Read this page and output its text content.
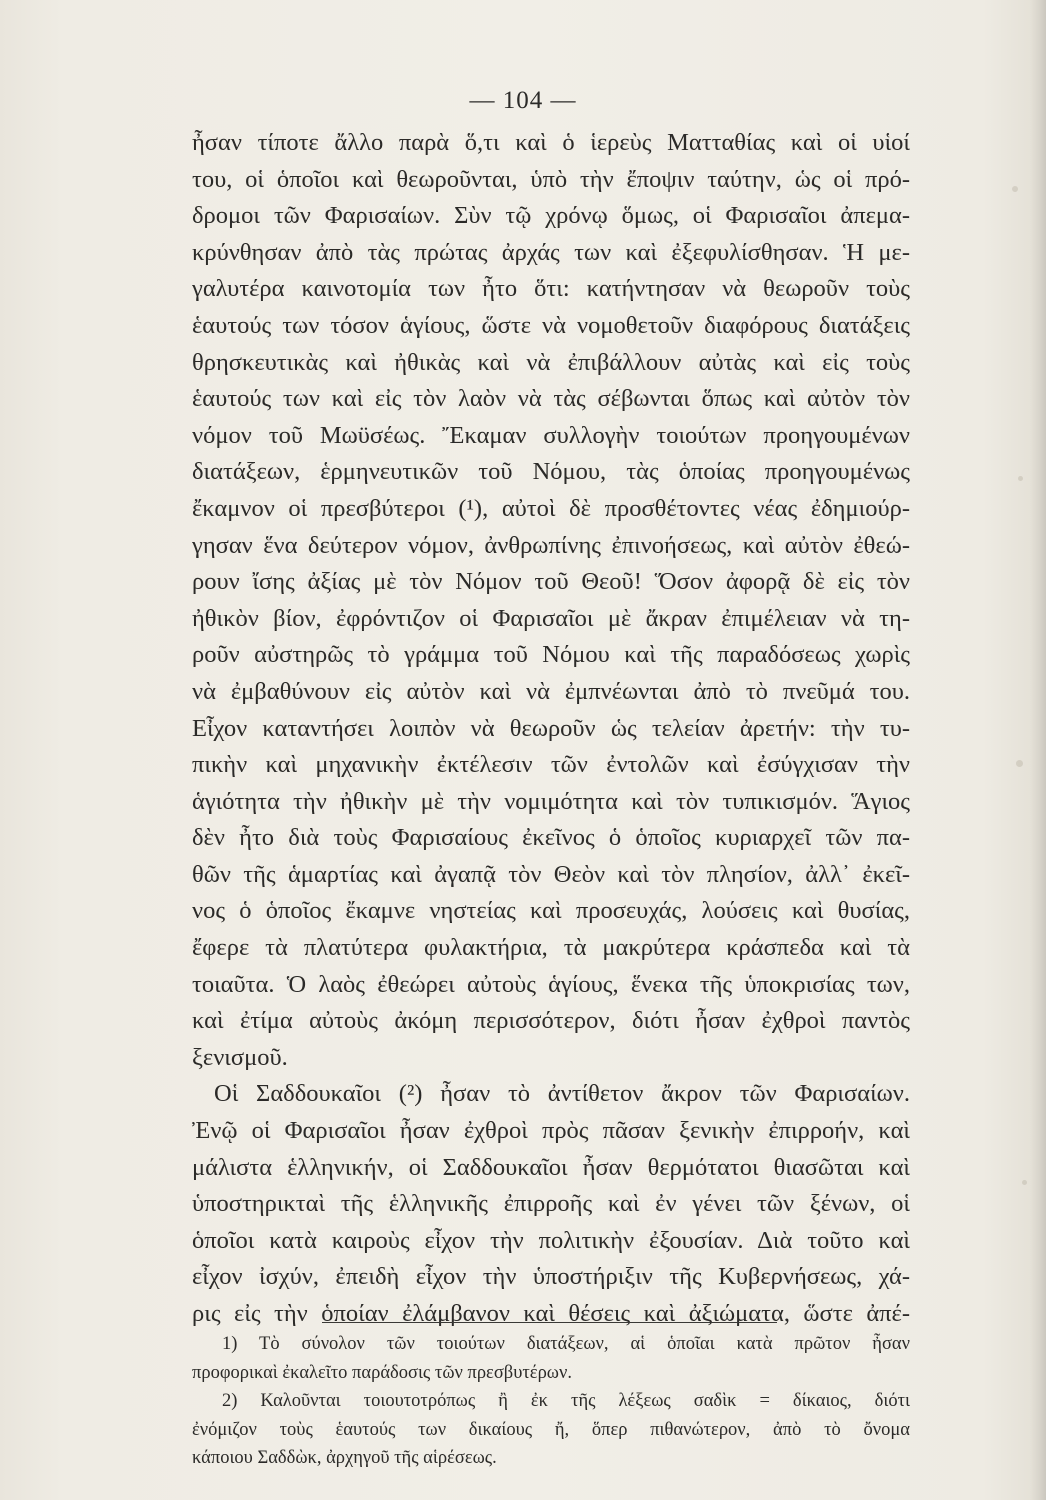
— 104 —
ἦσαν τίποτε ἄλλο παρὰ ὅ,τι καὶ ὁ ἱερεὺς Ματταθίας καὶ οἱ υἱοί
του, οἱ ὁποῖοι καὶ θεωροῦνται, ὑπὸ τὴν ἔποψιν ταύτην, ὡς οἱ πρό-
δρομοι τῶν Φαρισαίων. Σὺν τῷ χρόνῳ ὅμως, οἱ Φαρισαῖοι ἀπεμα-
κρύνθησαν ἀπὸ τὰς πρώτας ἀρχάς των καὶ ἐξεφυλίσθησαν. Ἡ με-
γαλυτέρα καινοτομία των ἦτο ὅτι: κατήντησαν νὰ θεωροῦν τοὺς
ἑαυτούς των τόσον ἁγίους, ὥστε νὰ νομοθετοῦν διαφόρους διατάξεις
θρησκευτικὰς καὶ ἠθικὰς καὶ νὰ ἐπιβάλλουν αὐτὰς καὶ εἰς τοὺς
ἑαυτούς των καὶ εἰς τὸν λαὸν νὰ τὰς σέβωνται ὅπως καὶ αὐτὸν τὸν
νόμον τοῦ Μωϋσέως. Ἔκαμαν συλλογὴν τοιούτων προηγουμένων
διατάξεων, ἑρμηνευτικῶν τοῦ Νόμου, τὰς ὁποίας προηγουμένως
ἔκαμνον οἱ πρεσβύτεροι (¹), αὐτοὶ δὲ προσθέτοντες νέας ἐδημιούρ-
γησαν ἕνα δεύτερον νόμον, ἀνθρωπίνης ἐπινοήσεως, καὶ αὐτὸν ἐθεώ-
ρουν ἴσης ἀξίας μὲ τὸν Νόμον τοῦ Θεοῦ! Ὅσον ἀφορᾷ δὲ εἰς τὸν
ἠθικὸν βίον, ἐφρόντιζον οἱ Φαρισαῖοι μὲ ἄκραν ἐπιμέλειαν νὰ τη-
ροῦν αὐστηρῶς τὸ γράμμα τοῦ Νόμου καὶ τῆς παραδόσεως χωρὶς
νὰ ἐμβαθύνουν εἰς αὐτὸν καὶ νὰ ἐμπνέωνται ἀπὸ τὸ πνεῦμά του.
Εἶχον καταντήσει λοιπὸν νὰ θεωροῦν ὡς τελείαν ἀρετήν: τὴν τυ-
πικὴν καὶ μηχανικὴν ἐκτέλεσιν τῶν ἐντολῶν καὶ ἐσύγχισαν τὴν
ἁγιότητα τὴν ἠθικὴν μὲ τὴν νομιμότητα καὶ τὸν τυπικισμόν. Ἅγιος
δὲν ἦτο διὰ τοὺς Φαρισαίους ἐκεῖνος ὁ ὁποῖος κυριαρχεῖ τῶν πα-
θῶν τῆς ἁμαρτίας καὶ ἀγαπᾷ τὸν Θεὸν καὶ τὸν πλησίον, ἀλλ᾽ ἐκεῖ-
νος ὁ ὁποῖος ἔκαμνε νηστείας καὶ προσευχάς, λούσεις καὶ θυσίας,
ἔφερε τὰ πλατύτερα φυλακτήρια, τὰ μακρύτερα κράσπεδα καὶ τὰ
τοιαῦτα. Ὁ λαὸς ἐθεώρει αὐτοὺς ἁγίους, ἕνεκα τῆς ὑποκρισίας των,
καὶ ἐτίμα αὐτοὺς ἀκόμη περισσότερον, διότι ἦσαν ἐχθροὶ παντὸς
ξενισμοῦ.
Οἱ Σαδδουκαῖοι (²) ἦσαν τὸ ἀντίθετον ἄκρον τῶν Φαρισαίων.
Ἐνῷ οἱ Φαρισαῖοι ἦσαν ἐχθροὶ πρὸς πᾶσαν ξενικὴν ἐπιρροήν, καὶ
μάλιστα ἑλληνικήν, οἱ Σαδδουκαῖοι ἦσαν θερμότατοι θιασῶται καὶ
ὑποστηρικταὶ τῆς ἑλληνικῆς ἐπιρροῆς καὶ ἐν γένει τῶν ξένων, οἱ
ὁποῖοι κατὰ καιροὺς εἶχον τὴν πολιτικὴν ἐξουσίαν. Διὰ τοῦτο καὶ
εἶχον ἰσχύν, ἐπειδὴ εἶχον τὴν ὑποστήριξιν τῆς Κυβερνήσεως, χά-
ρις εἰς τὴν ὁποίαν ἐλάμβανον καὶ θέσεις καὶ ἀξιώματα, ὥστε ἀπέ-
1) Τὸ σύνολον τῶν τοιούτων διατάξεων, αἱ ὁποῖαι κατὰ πρῶτον ἦσαν
προφορικαὶ ἐκαλεῖτο παράδοσις τῶν πρεσβυτέρων.
2) Καλοῦνται τοιουτοτρόπως ἢ ἐκ τῆς λέξεως σαδὶκ = δίκαιος, διότι
ἐνόμιζον τοὺς ἑαυτούς των δικαίους ἤ, ὅπερ πιθανώτερον, ἀπὸ τὸ ὄνομα
κάποιου Σαδδὼκ, ἀρχηγοῦ τῆς αἱρέσεως.
